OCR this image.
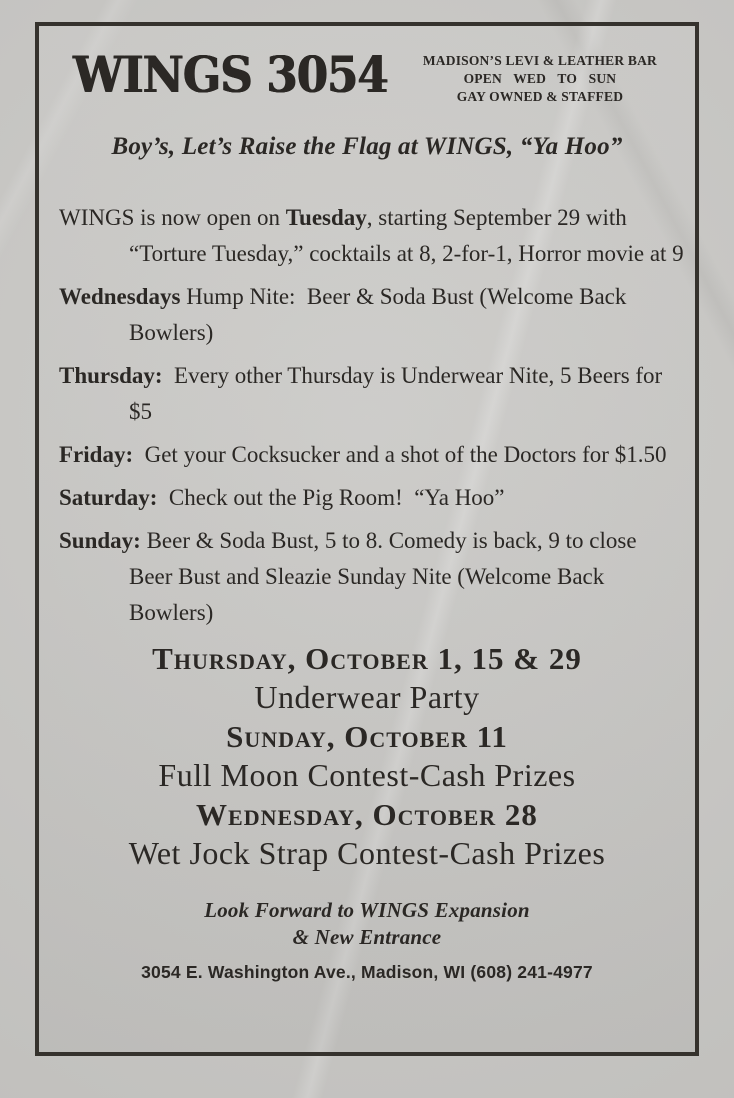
WINGS 3054	MADISON’S LEVI & LEATHER BAR
OPEN WED TO SUN
GAY OWNED & STAFFED
Boy’s, Let’s Raise the Flag at WINGS, “Ya Hoo”

WINGS is now open on Tuesday, starting September 29 with “Torture Tuesday,” cocktails at 8, 2-for-1, Horror movie at 9

Wednesdays Hump Nite:  Beer & Soda Bust (Welcome Back Bowlers)

Thursday:  Every other Thursday is Underwear Nite, 5 Beers for $5

Friday:  Get your Cocksucker and a shot of the Doctors for $1.50

Saturday:  Check out the Pig Room!  “Ya Hoo”

Sunday: Beer & Soda Bust, 5 to 8. Comedy is back, 9 to close Beer Bust and Sleazie Sunday Nite (Welcome Back Bowlers)

Thursday, October 1, 15 & 29
Underwear Party
Sunday, October 11
Full Moon Contest-Cash Prizes
Wednesday, October 28
Wet Jock Strap Contest-Cash Prizes
Look Forward to WINGS Expansion
& New Entrance
3054 E. Washington Ave., Madison, WI (608) 241-4977
